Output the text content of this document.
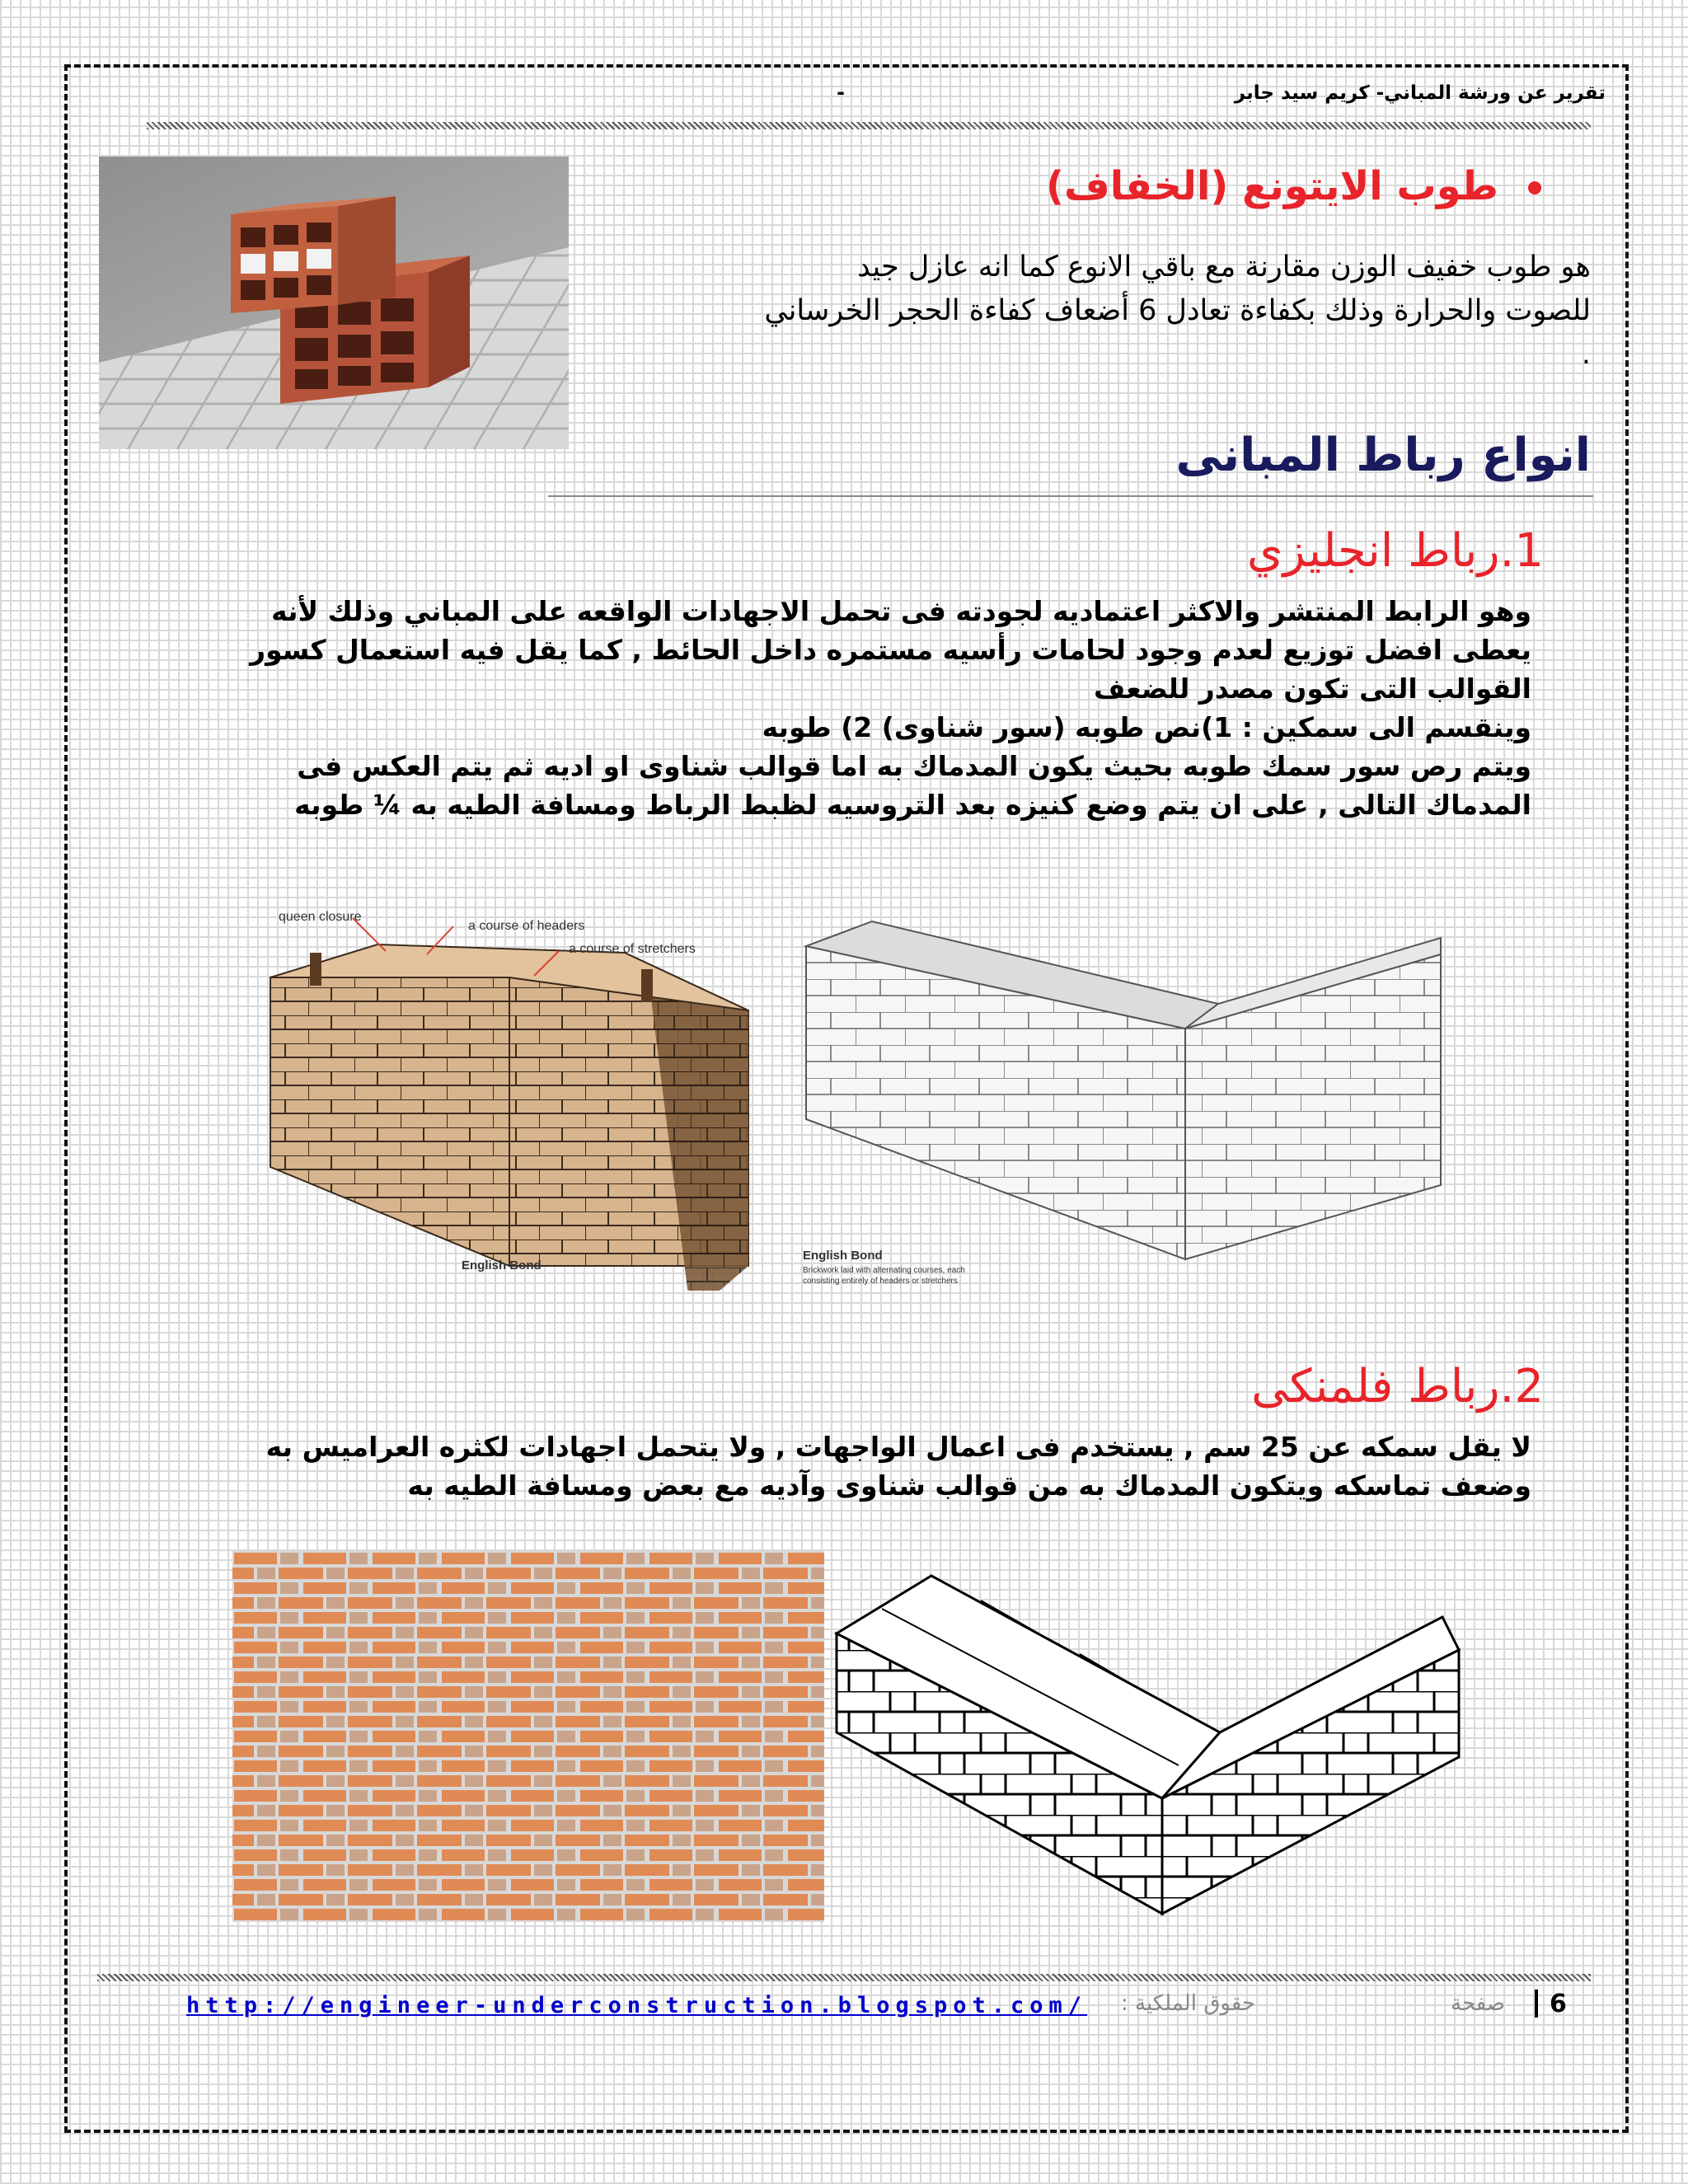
تقرير عن ورشة المباني- كريم سيد جابر
-
طوب الايتونع (الخفاف)
هو طوب خفيف الوزن مقارنة مع باقي الانوع كما انه عازل جيد
للصوت والحرارة وذلك بكفاءة تعادل 6 أضعاف كفاءة الحجر الخرساني
.
انواع رباط المبانى
1.رباط انجليزي
وهو الرابط المنتشر والاكثر اعتماديه لجودته فى تحمل الاجهادات الواقعه على المباني وذلك لأنه
يعطى افضل توزيع لعدم وجود لحامات رأسيه مستمره داخل الحائط , كما يقل فيه استعمال كسور
القوالب التى تكون مصدر للضعف
وينقسم الى سمكين : 1)نص طوبه (سور شناوى) 2) طوبه
ويتم رص سور سمك طوبه بحيث يكون المدماك به اما قوالب شناوى او اديه ثم يتم العكس فى
المدماك التالى , على ان يتم وضع كنيزه بعد التروسيه لظبط الرباط ومسافة الطيه به ¼ طوبه
queen closure
a course of headers
a course of stretchers
English Bond
English Bond
Brickwork laid with alternating courses, each
consisting entirely of headers or stretchers
2.رباط فلمنكى
لا يقل سمكه عن 25 سم , يستخدم فى اعمال الواجهات , ولا يتحمل اجهادات لكثره العراميس به
وضعف تماسكه ويتكون المدماك به من قوالب شناوى وآديه مع بعض ومسافة الطيه به
http://engineer-underconstruction.blogspot.com/ حقوق الملكية :	صفحة 6
